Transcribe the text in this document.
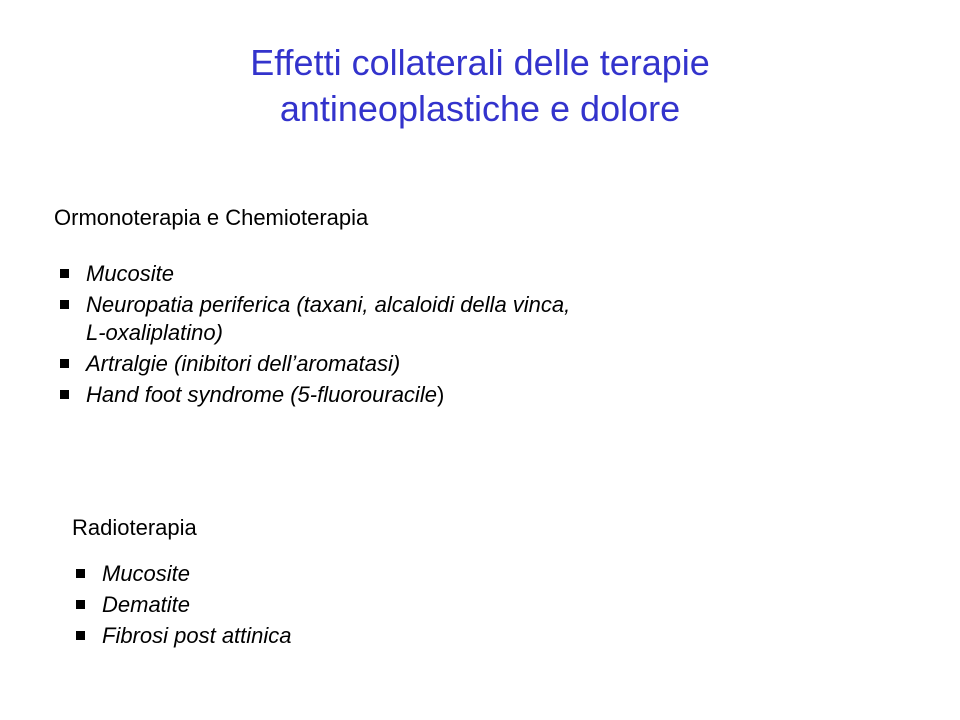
Effetti collaterali delle terapie
antineoplastiche e dolore
Ormonoterapia e Chemioterapia
Mucosite
Neuropatia periferica (taxani, alcaloidi della vinca,
L-oxaliplatino)
Artralgie (inibitori dell’aromatasi)
Hand foot syndrome (5-fluorouracile)
Radioterapia
Mucosite
Dematite
Fibrosi post attinica
